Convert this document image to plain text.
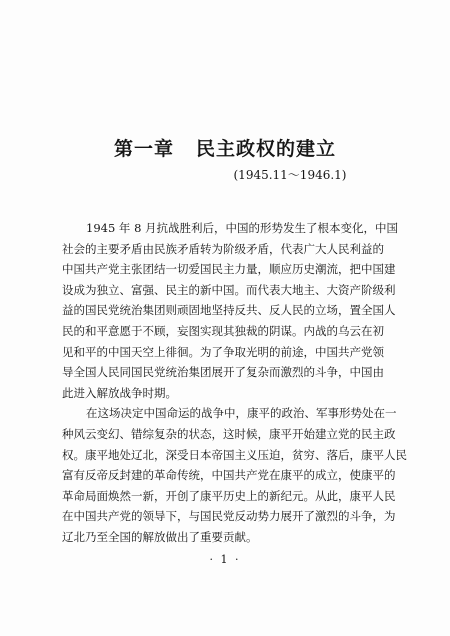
第一章 民主政权的建立
(1945.11～1946.1)
1945 年 8 月抗战胜利后，中国的形势发生了根本变化，中国
社会的主要矛盾由民族矛盾转为阶级矛盾，代表广大人民利益的
中国共产党主张团结一切爱国民主力量，顺应历史潮流，把中国建
设成为独立、富强、民主的新中国。而代表大地主、大资产阶级利
益的国民党统治集团则顽固地坚持反共、反人民的立场，置全国人
民的和平意愿于不顾，妄图实现其独裁的阴谋。内战的乌云在初
见和平的中国天空上徘徊。为了争取光明的前途，中国共产党领
导全国人民同国民党统治集团展开了复杂而激烈的斗争，中国由
此进入解放战争时期。
在这场决定中国命运的战争中，康平的政治、军事形势处在一
种风云变幻、错综复杂的状态，这时候，康平开始建立党的民主政
权。康平地处辽北，深受日本帝国主义压迫，贫穷、落后，康平人民
富有反帝反封建的革命传统，中国共产党在康平的成立，使康平的
革命局面焕然一新，开创了康平历史上的新纪元。从此，康平人民
在中国共产党的领导下，与国民党反动势力展开了激烈的斗争，为
辽北乃至全国的解放做出了重要贡献。
· 1 ·
